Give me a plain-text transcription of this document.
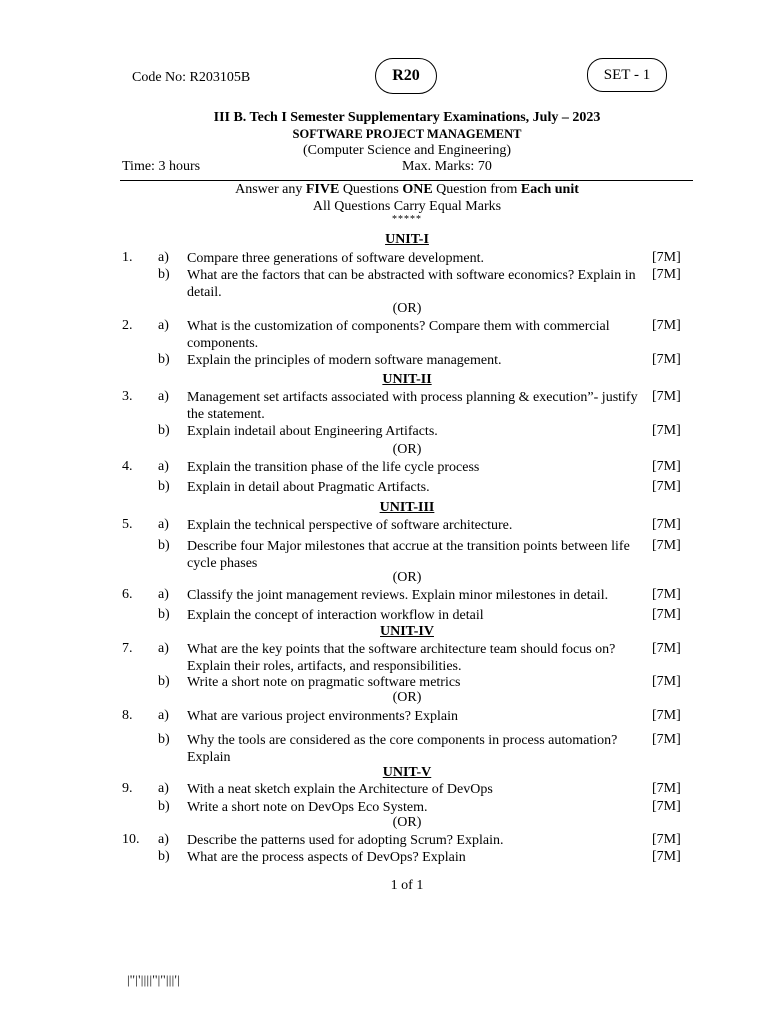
Code No: R203105B	R20	SET - 1
III B. Tech I Semester Supplementary Examinations, July – 2023
SOFTWARE PROJECT MANAGEMENT
(Computer Science and Engineering)
Time: 3 hours	Max. Marks: 70
Answer any FIVE Questions ONE Question from Each unit
All Questions Carry Equal Marks
*****
UNIT-I
1. a) Compare three generations of software development.	[7M]
b) What are the factors that can be abstracted with software economics? Explain in detail.
[7M]
(OR)
2. a) What is the customization of components? Compare them with commercial components.
[7M]
b) Explain the principles of modern software management.	[7M]
UNIT-II
3. a) Management set artifacts associated with process planning & execution”- justify the statement.
[7M]
b) Explain indetail about Engineering Artifacts.	[7M]
(OR)
4. a) Explain the transition phase of the life cycle process	[7M]
b) Explain in detail about Pragmatic Artifacts.	[7M]
UNIT-III
5. a) Explain the technical perspective of software architecture.	[7M]
b) Describe four Major milestones that accrue at the transition points between life cycle phases
[7M]
(OR)
6. a) Classify the joint management reviews. Explain minor milestones in detail.	[7M]
b) Explain the concept of interaction workflow in detail	[7M]
UNIT-IV
7. a) What are the key points that the software architecture team should focus on? Explain their roles, artifacts, and responsibilities.
[7M]
b) Write a short note on pragmatic software metrics	[7M]
(OR)
8. a) What are various project environments? Explain	[7M]
b) Why the tools are considered as the core components in process automation? Explain
[7M]
UNIT-V
9. a) With a neat sketch explain the Architecture of DevOps	[7M]
b) Write a short note on DevOps Eco System.	[7M]
(OR)
10. a) Describe the patterns used for adopting Scrum? Explain.	[7M]
b) What are the process aspects of DevOps? Explain	[7M]
1 of 1
|''|'||||''|''|||'|
